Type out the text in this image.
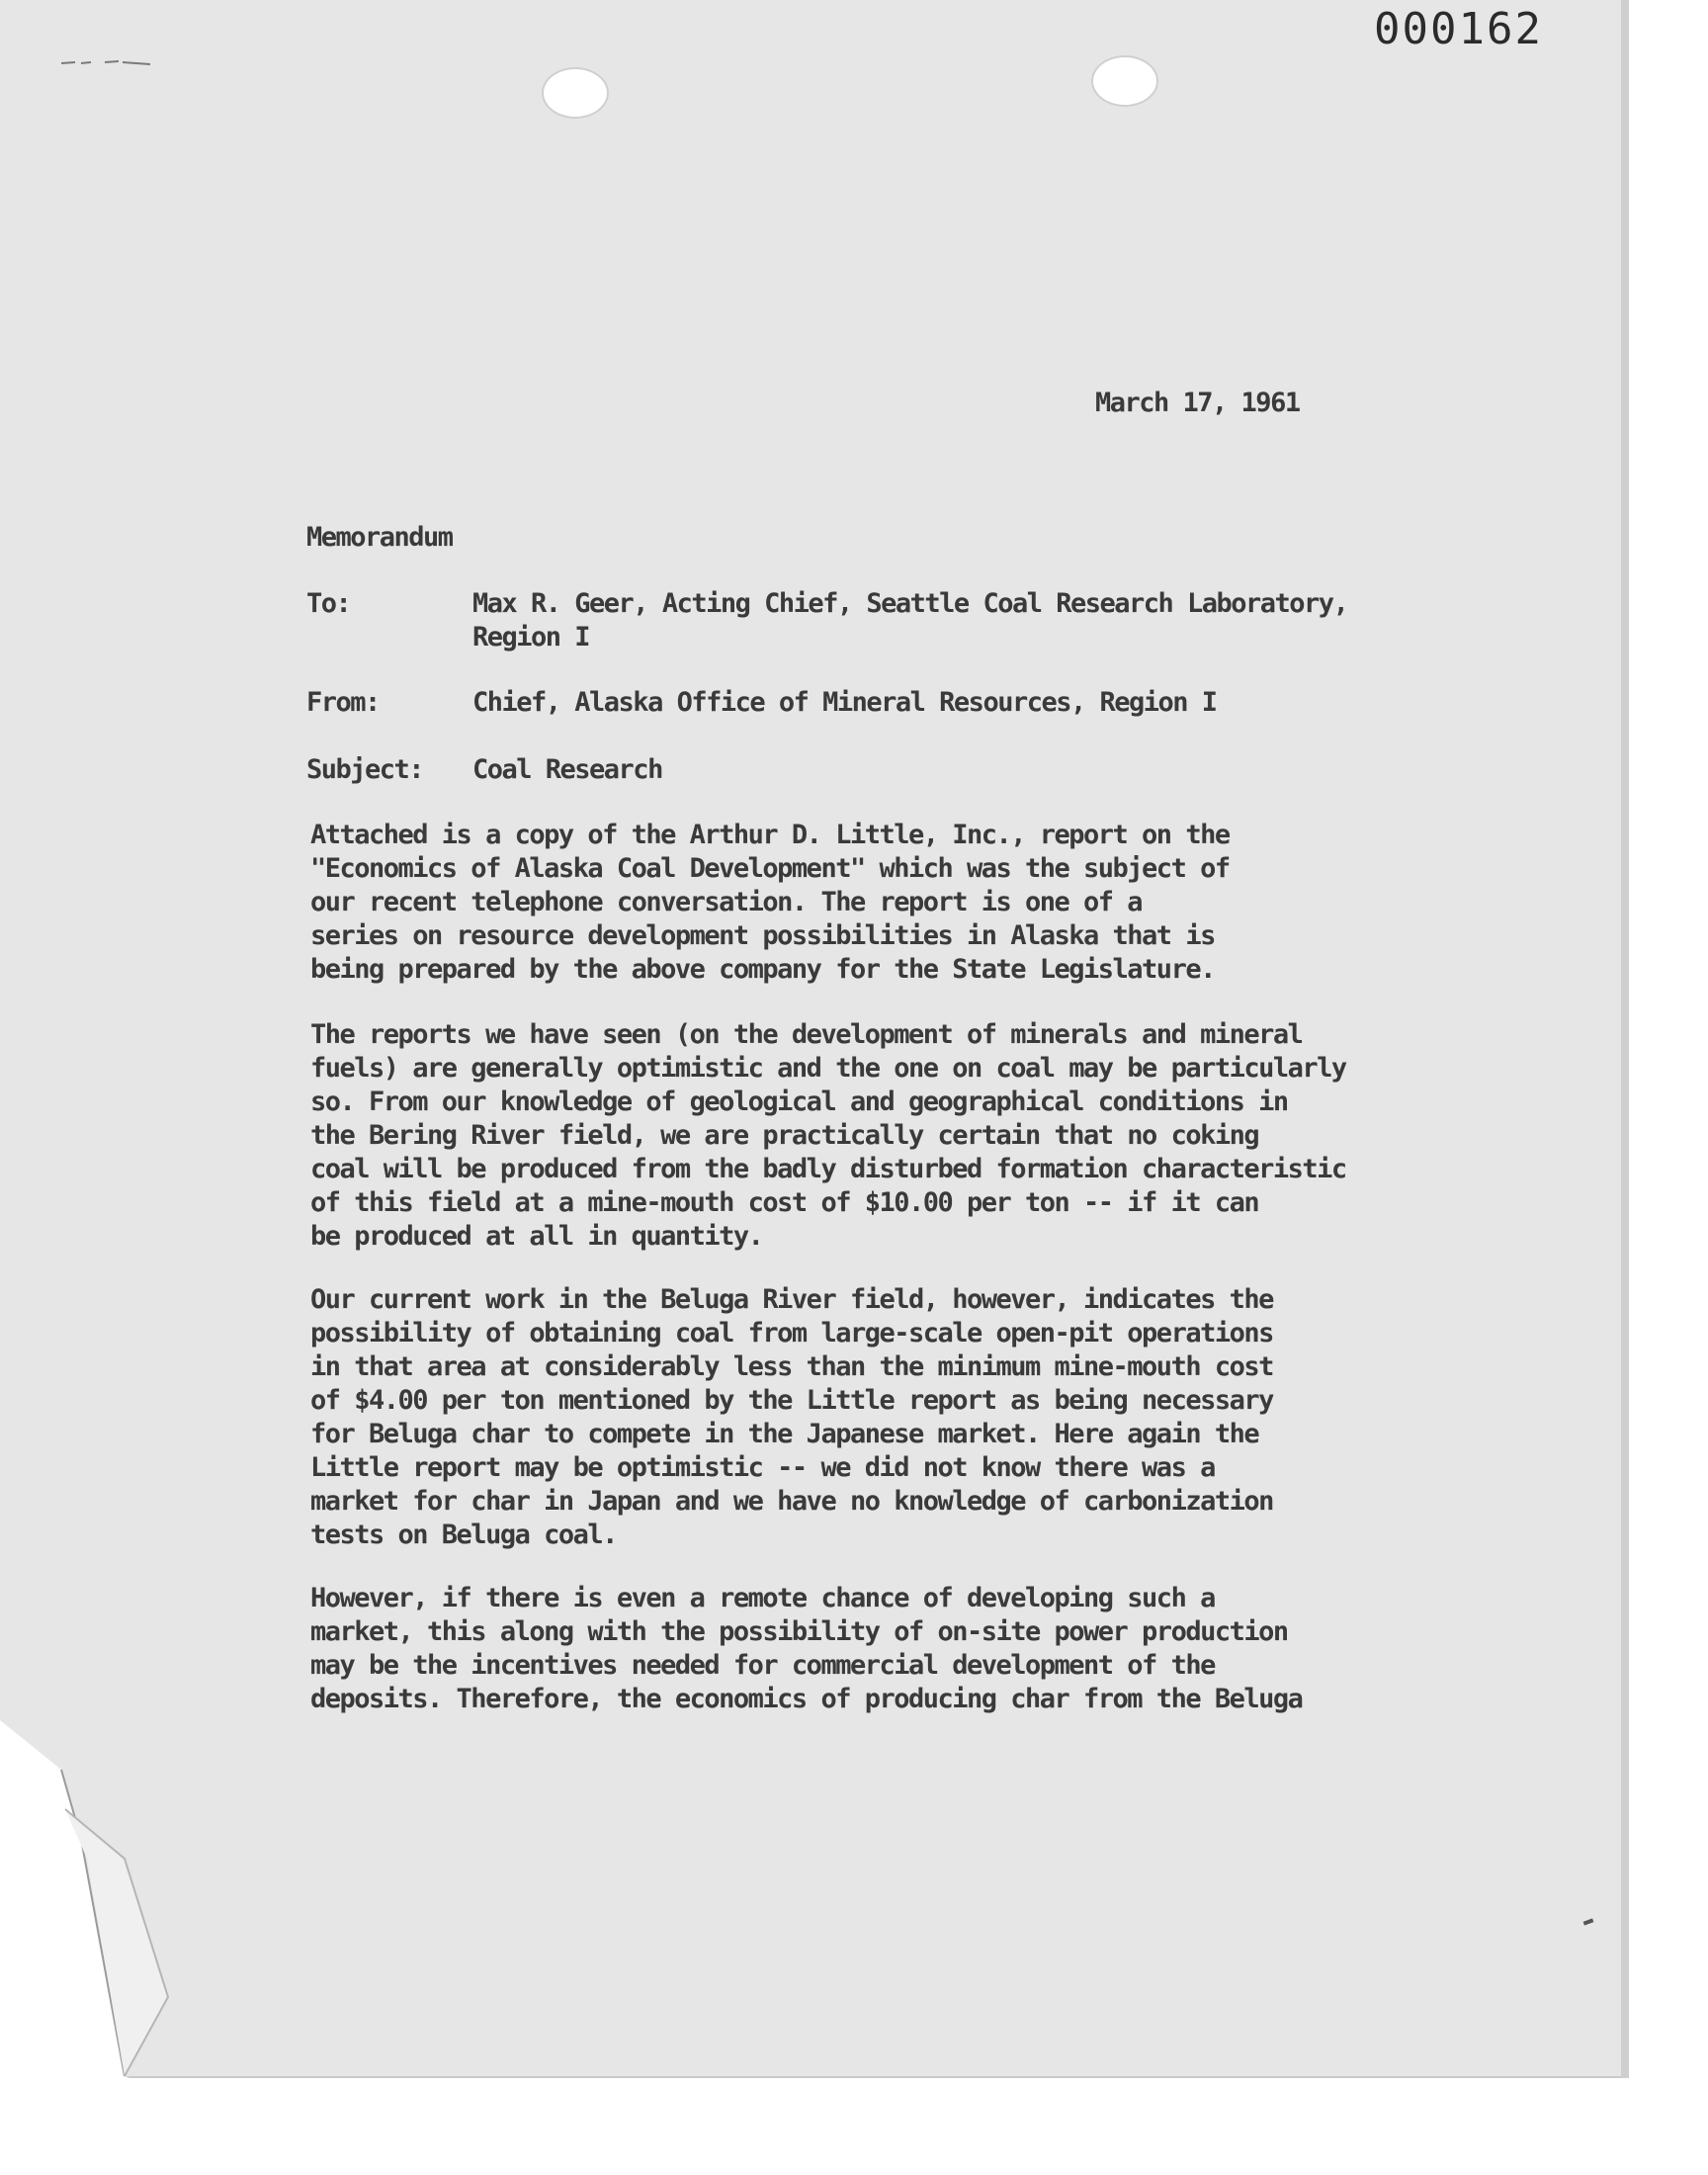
000162
March 17, 1961
Memorandum
To:	Max R. Geer, Acting Chief, Seattle Coal Research Laboratory,
Region I
From:	Chief, Alaska Office of Mineral Resources, Region I
Subject: Coal Research

Attached is a copy of the Arthur D. Little, Inc., report on the
"Economics of Alaska Coal Development" which was the subject of
our recent telephone conversation. The report is one of a
series on resource development possibilities in Alaska that is
being prepared by the above company for the State Legislature.

The reports we have seen (on the development of minerals and mineral
fuels) are generally optimistic and the one on coal may be particularly
so. From our knowledge of geological and geographical conditions in
the Bering River field, we are practically certain that no coking
coal will be produced from the badly disturbed formation characteristic
of this field at a mine-mouth cost of $10.00 per ton -- if it can
be produced at all in quantity.

Our current work in the Beluga River field, however, indicates the
possibility of obtaining coal from large-scale open-pit operations
in that area at considerably less than the minimum mine-mouth cost
of $4.00 per ton mentioned by the Little report as being necessary
for Beluga char to compete in the Japanese market. Here again the
Little report may be optimistic -- we did not know there was a
market for char in Japan and we have no knowledge of carbonization
tests on Beluga coal.

However, if there is even a remote chance of developing such a
market, this along with the possibility of on-site power production
may be the incentives needed for commercial development of the
deposits. Therefore, the economics of producing char from the Beluga
